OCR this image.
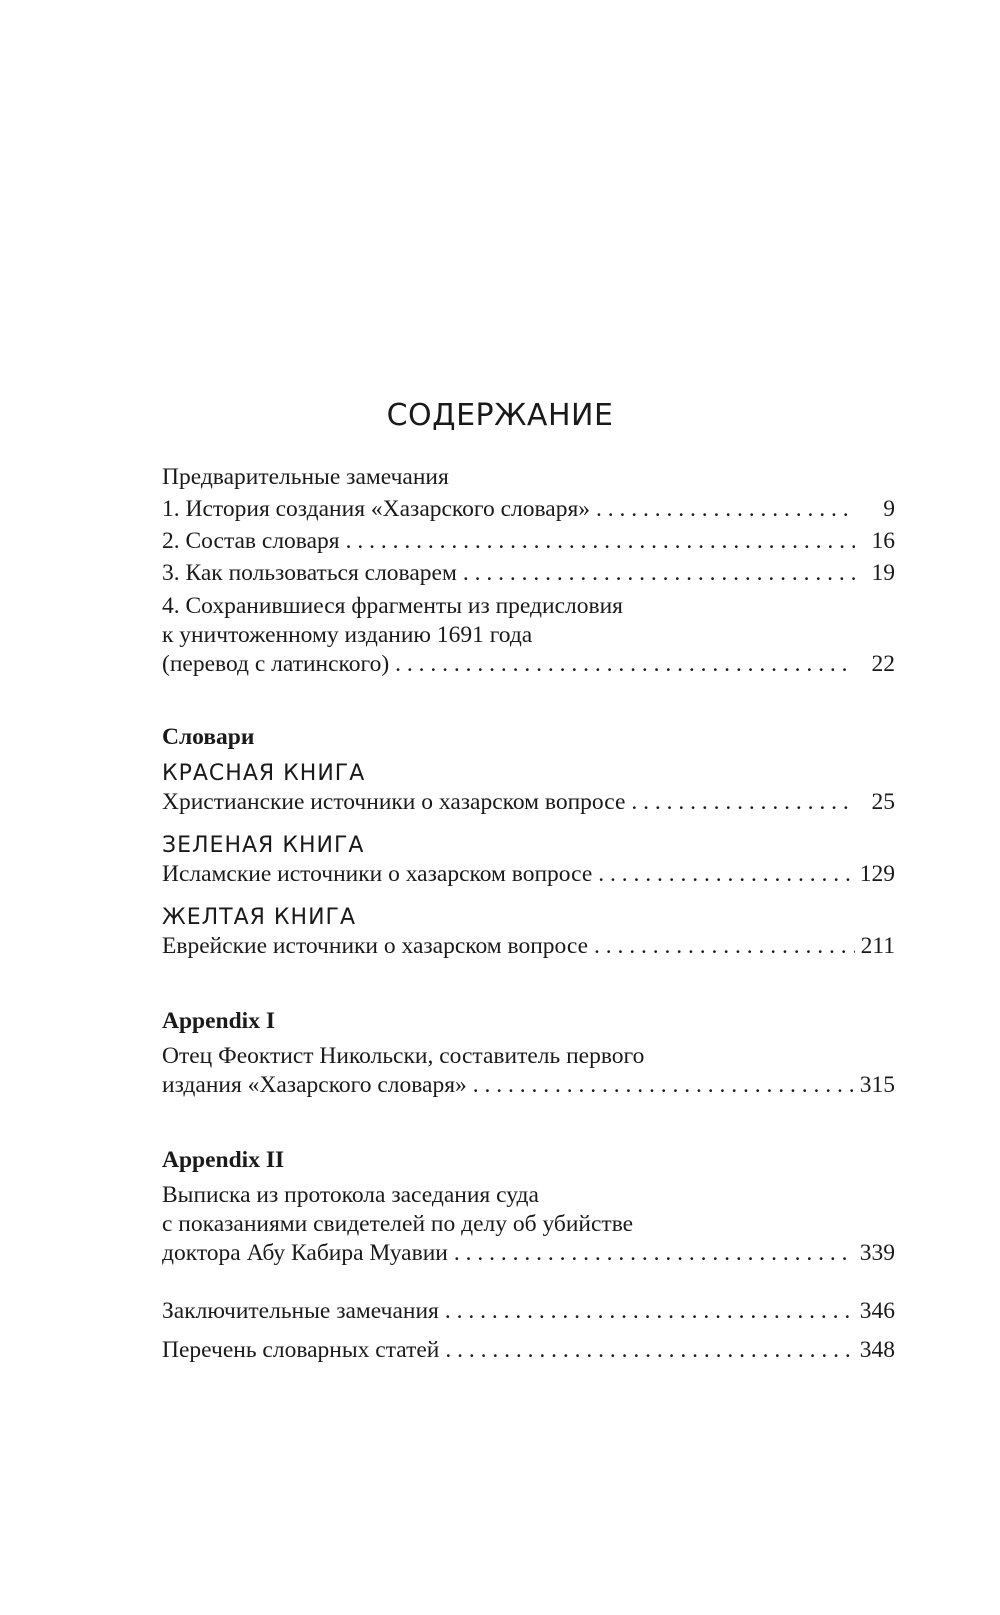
СОДЕРЖАНИЕ
Предварительные замечания
1. История создания «Хазарского словаря» . . .	9
2. Состав словаря . . .	16
3. Как пользоваться словарем . . .	19
4. Сохранившиеся фрагменты из предисловия
к уничтоженному изданию 1691 года
(перевод с латинского) . . .	22
Словари
КРАСНАЯ КНИГА
Христианские источники о хазарском вопросе . . .	25
ЗЕЛЕНАЯ КНИГА
Исламские источники о хазарском вопросе . . .	129
ЖЕЛТАЯ КНИГА
Еврейские источники о хазарском вопросе . . .	211
Appendix I
Отец Феоктист Никольски, составитель первого
издания «Хазарского словаря» . . .	315
Appendix II
Выписка из протокола заседания суда
с показаниями свидетелей по делу об убийстве
доктора Абу Кабира Муавии . . .	339
Заключительные замечания . . .	346
Перечень словарных статей . . .	348
